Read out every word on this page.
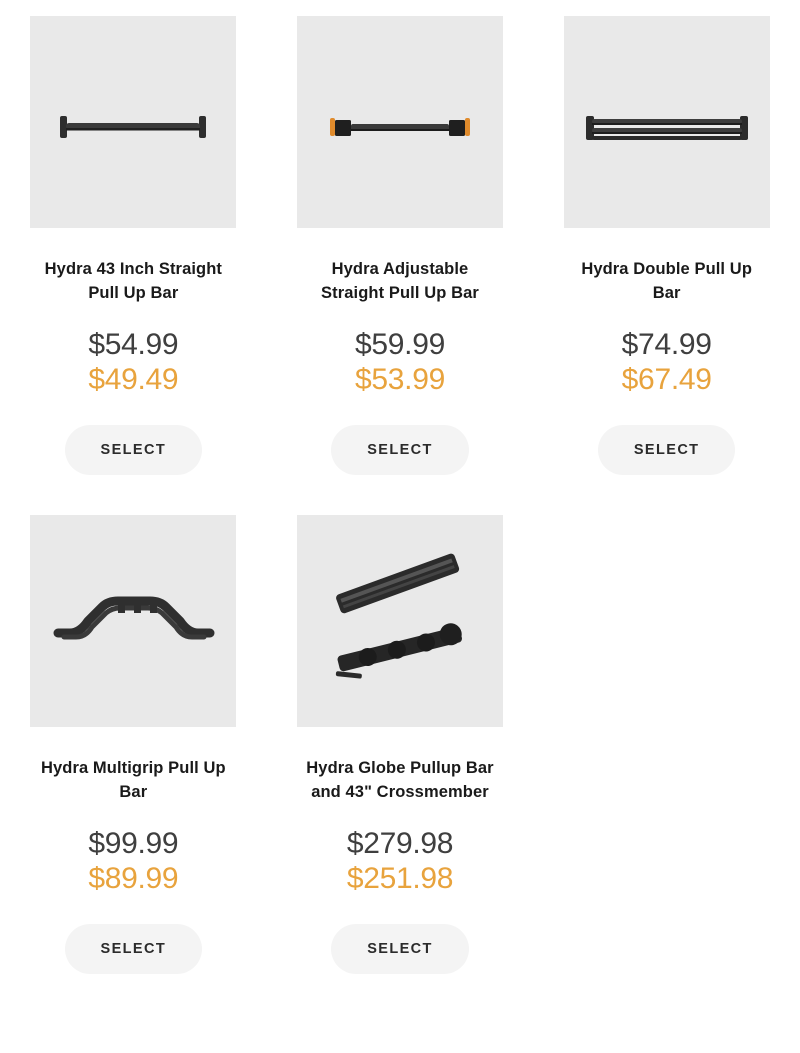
Hydra 43 Inch Straight Pull Up Bar
$54.99
$49.49
SELECT
Hydra Adjustable Straight Pull Up Bar
$59.99
$53.99
SELECT
Hydra Double Pull Up Bar
$74.99
$67.49
SELECT
Hydra Multigrip Pull Up Bar
$99.99
$89.99
SELECT
Hydra Globe Pullup Bar and 43" Crossmember
$279.98
$251.98
SELECT
